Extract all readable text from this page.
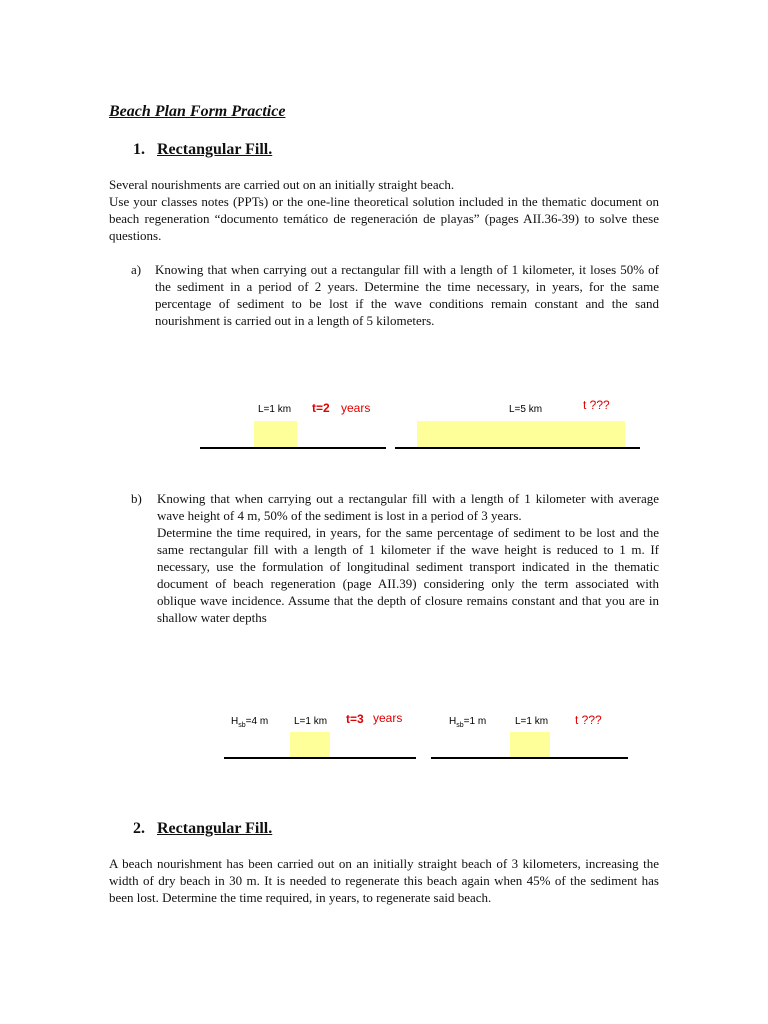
Beach Plan Form Practice
1. Rectangular Fill.

Several nourishments are carried out on an initially straight beach.

Use your classes notes (PPTs) or the one-line theoretical solution included in the thematic document on beach regeneration “documento temático de regeneración de playas” (pages AII.36-39) to solve these questions.

a) Knowing that when carrying out a rectangular fill with a length of 1 kilometer, it loses 50% of the sediment in a period of 2 years. Determine the time necessary, in years, for the same percentage of sediment to be lost if the wave conditions remain constant and the sand nourishment is carried out in a length of 5 kilometers.

L=1 km t=2 years	L=5 km	t ???
b) Knowing that when carrying out a rectangular fill with a length of 1 kilometer with average wave height of 4 m, 50% of the sediment is lost in a period of 3 years.

Determine the time required, in years, for the same percentage of sediment to be lost and the same rectangular fill with a length of 1 kilometer if the wave height is reduced to 1 m. If necessary, use the formulation of longitudinal sediment transport indicated in the thematic document of beach regeneration (page AII.39) considering only the term associated with oblique wave incidence. Assume that the depth of closure remains constant and that you are in shallow water depths

$H_{sb}=4$ m	L=1 km t=3 years	$H_{sb}=1$ m	L=1 km t ???
2. Rectangular Fill.

A beach nourishment has been carried out on an initially straight beach of 3 kilometers, increasing the width of dry beach in 30 m. It is needed to regenerate this beach again when 45% of the sediment has been lost. Determine the time required, in years, to regenerate said beach.
